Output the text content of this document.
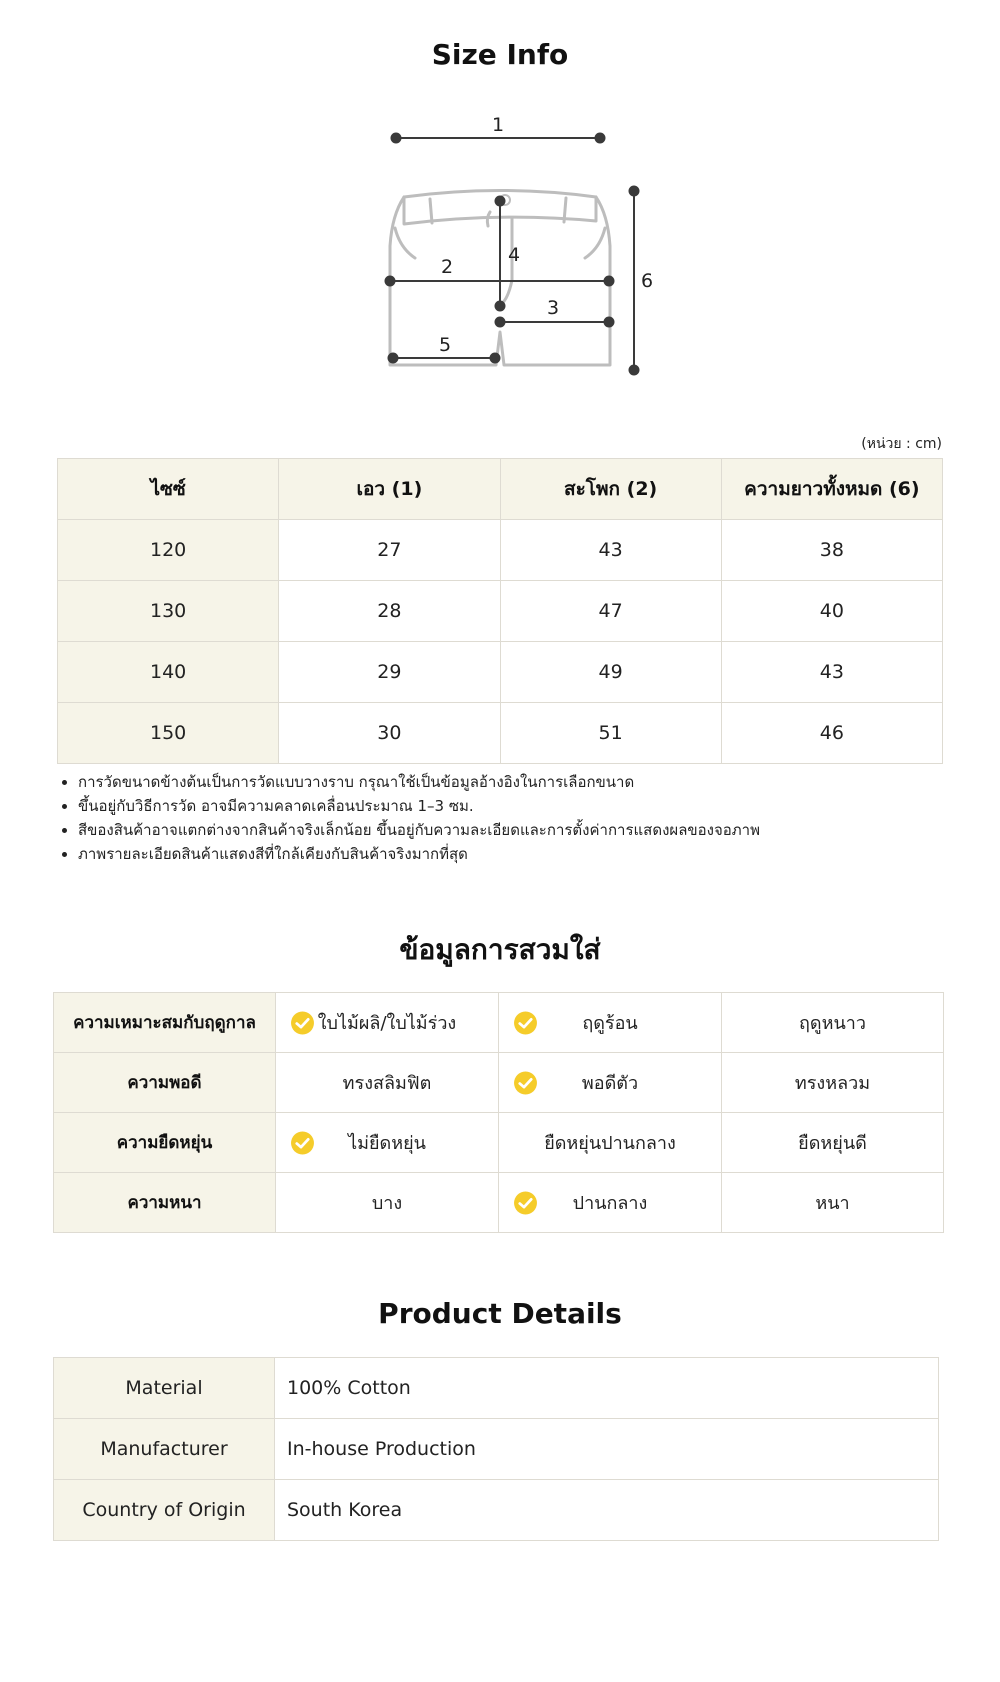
Size Info
1
2
3
4
5
6
(หน่วย : cm)
ไซซ์	เอว (1)	สะโพก (2)	ความยาวทั้งหมด (6)
120	27	43	38
130	28	47	40
140	29	49	43
150	30	51	46
• การวัดขนาดข้างต้นเป็นการวัดแบบวางราบ กรุณาใช้เป็นข้อมูลอ้างอิงในการเลือกขนาด
• ขึ้นอยู่กับวิธีการวัด อาจมีความคลาดเคลื่อนประมาณ 1–3 ซม.
• สีของสินค้าอาจแตกต่างจากสินค้าจริงเล็กน้อย ขึ้นอยู่กับความละเอียดและการตั้งค่าการแสดงผลของจอภาพ
• ภาพรายละเอียดสินค้าแสดงสีที่ใกล้เคียงกับสินค้าจริงมากที่สุด
ข้อมูลการสวมใส่
ความเหมาะสมกับฤดูกาล	ใบไม้ผลิ/ใบไม้ร่วง	ฤดูร้อน	ฤดูหนาว

ความพอดี	ทรงสลิมฟิต	พอดีตัว	ทรงหลวม

ความยืดหยุ่น	ไม่ยืดหยุ่น	ยืดหยุ่นปานกลาง	ยืดหยุ่นดี

ความหนา	บาง	ปานกลาง	หนา
Product Details
Material	100% Cotton
Manufacturer	In-house Production
Country of Origin	South Korea
